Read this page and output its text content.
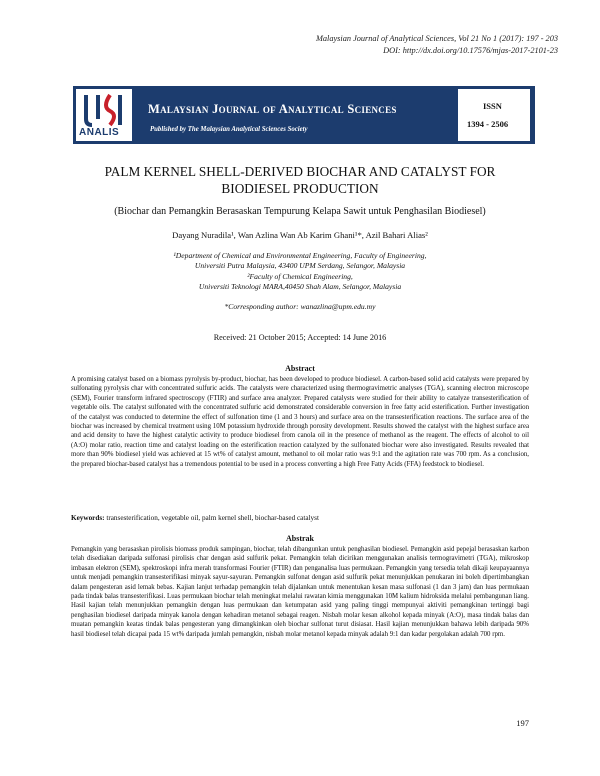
Malaysian Journal of Analytical Sciences, Vol 21 No 1 (2017): 197 - 203
DOI: http://dx.doi.org/10.17576/mjas-2017-2101-23
ANALIS
Malaysian Journal of Analytical Sciences
Published by The Malaysian Analytical Sciences Society
ISSN
1394 - 2506
PALM KERNEL SHELL-DERIVED BIOCHAR AND CATALYST FOR
BIODIESEL PRODUCTION
(Biochar dan Pemangkin Berasaskan Tempurung Kelapa Sawit untuk Penghasilan Biodiesel)
Dayang Nuradila¹, Wan Azlina Wan Ab Karim Ghani¹*, Azil Bahari Alias²
¹Department of Chemical and Environmental Engineering, Faculty of Engineering,
Universiti Putra Malaysia, 43400 UPM Serdang, Selangor, Malaysia
²Faculty of Chemical Engineering,
Universiti Teknologi MARA,40450 Shah Alam, Selangor, Malaysia
*Corresponding author: wanazlina@upm.edu.my
Received: 21 October 2015; Accepted: 14 June 2016
Abstract
A promising catalyst based on a biomass pyrolysis by-product, biochar, has been developed to produce biodiesel. A carbon-based solid acid catalysts were prepared by sulfonating pyrolysis char with concentrated sulfuric acids. The catalysts were characterized using thermogravimetric analyses (TGA), scanning electron microscope (SEM), Fourier transform infrared spectroscopy (FTIR) and surface area analyzer. Prepared catalysts were studied for their ability to catalyze transesterification of vegetable oils. The catalyst sulfonated with the concentrated sulfuric acid demonstrated considerable conversion in free fatty acid esterification. Further investigation of the catalyst was conducted to determine the effect of sulfonation time (1 and 3 hours) and surface area on the transesterification reactions. The surface area of the biochar was increased by chemical treatment using 10M potassium hydroxide through porosity development. Results showed the catalyst with the highest surface area and acid density to have the highest catalytic activity to produce biodiesel from canola oil in the presence of methanol as the reagent. The effects of alcohol to oil (A:O) molar ratio, reaction time and catalyst loading on the esterification reaction catalyzed by the sulfonated biochar were also investigated. Results revealed that more than 90% biodiesel yield was achieved at 15 wt% of catalyst amount, methanol to oil molar ratio was 9:1 and the agitation rate was 700 rpm. As a conclusion, the prepared biochar-based catalyst has a tremendous potential to be used in a process converting a high Free Fatty Acids (FFA) feedstock to biodiesel.
Keywords: transesterification, vegetable oil, palm kernel shell, biochar-based catalyst
Abstrak
Pemangkin yang berasaskan pirolisis biomass produk sampingan, biochar, telah dibangunkan untuk penghasilan biodiesel. Pemangkin asid pepejal berasaskan karbon telah disediakan daripada sulfonasi pirolisis char dengan asid sulfurik pekat. Pemangkin telah dicirikan menggunakan analisis termogravimetri (TGA), mikroskop imbasan elektron (SEM), spektroskopi infra merah transformasi Fourier (FTIR) dan penganalisa luas permukaan. Pemangkin yang tersedia telah dikaji keupayaannya untuk menjadi pemangkin transesterifikasi minyak sayur-sayuran. Pemangkin sulfonat dengan asid sulfurik pekat menunjukkan penukaran ini boleh dipertimbangkan dalam pengesteran asid lemak bebas. Kajian lanjut terhadap pemangkin telah dijalankan untuk menentukan kesan masa sulfonasi (1 dan 3 jam) dan luas permukaan pada tindak balas transesterifikasi. Luas permukaan biochar telah meningkat melalui rawatan kimia menggunakan 10M kalium hidroksida melalui pembangunan liang. Hasil kajian telah menunjukkan pemangkin dengan luas permukaan dan ketumpatan asid yang paling tinggi mempunyai aktiviti pemangkinan tertinggi bagi penghasilan biodiesel daripada minyak kanola dengan kehadiran metanol sebagai reagen. Nisbah molar kesan alkohol kepada minyak (A:O), masa tindak balas dan muatan pemangkin keatas tindak balas pengesteran yang dimangkinkan oleh biochar sulfonat turut disiasat. Hasil kajian menunjukkan bahawa lebih daripada 90% hasil biodiesel telah dicapai pada 15 wt% daripada jumlah pemangkin, nisbah molar metanol kepada minyak adalah 9:1 dan kadar pergolakan adalah 700 rpm.
197
